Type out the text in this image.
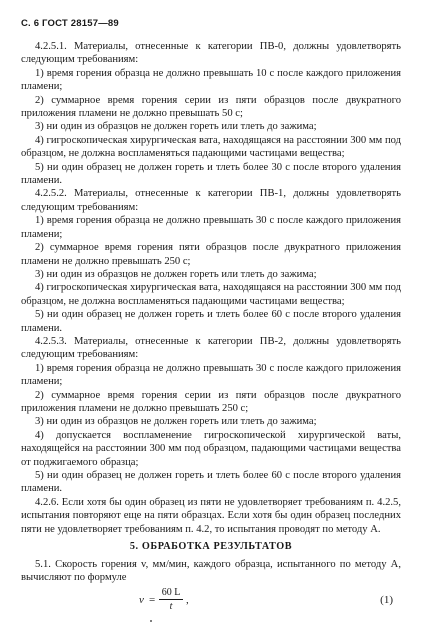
С. 6 ГОСТ 28157—89

4.2.5.1. Материалы, отнесенные к категории ПВ-0, должны удовлетворять следующим требованиям:

1) время горения образца не должно превышать 10 с после каждого приложения пламени;

2) суммарное время горения серии из пяти образцов после двукратного приложения пламени не должно превышать 50 с;

3) ни один из образцов не должен гореть или тлеть до зажима;

4) гигроскопическая хирургическая вата, находящаяся на расстоянии 300 мм под образцом, не должна воспламеняться падающими частицами вещества;

5) ни один образец не должен гореть и тлеть более 30 с после второго удаления пламени.

4.2.5.2. Материалы, отнесенные к категории ПВ-1, должны удовлетворять следующим требованиям:

1) время горения образца не должно превышать 30 с после каждого приложения пламени;

2) суммарное время горения пяти образцов после двукратного приложения пламени не должно превышать 250 с;

3) ни один из образцов не должен гореть или тлеть до зажима;

4) гигроскопическая хирургическая вата, находящаяся на расстоянии 300 мм под образцом, не должна воспламеняться падающими частицами вещества;

5) ни один образец не должен гореть и тлеть более 60 с после второго удаления пламени.

4.2.5.3. Материалы, отнесенные к категории ПВ-2, должны удовлетворять следующим требованиям:

1) время горения образца не должно превышать 30 с после каждого приложения пламени;

2) суммарное время горения серии из пяти образцов после двукратного приложения пламени не должно превышать 250 с;

3) ни один из образцов не должен гореть или тлеть до зажима;

4) допускается воспламенение гигроскопической хирургической ваты, находящейся на расстоянии 300 мм под образцом, падающими частицами вещества от поджигаемого образца;

5) ни один образец не должен гореть и тлеть более 60 с после второго удаления пламени.

4.2.6. Если хотя бы один образец из пяти не удовлетворяет требованиям п. 4.2.5, испытания повторяют еще на пяти образцах. Если хотя бы один образец последних пяти не удовлетворяет требованиям п. 4.2, то испытания проводят по методу А.

5. ОБРАБОТКА РЕЗУЛЬТАТОВ

5.1. Скорость горения v, мм/мин, каждого образца, испытанного по методу А, вычисляют по формуле

v =
60 L
t
,	(1)
